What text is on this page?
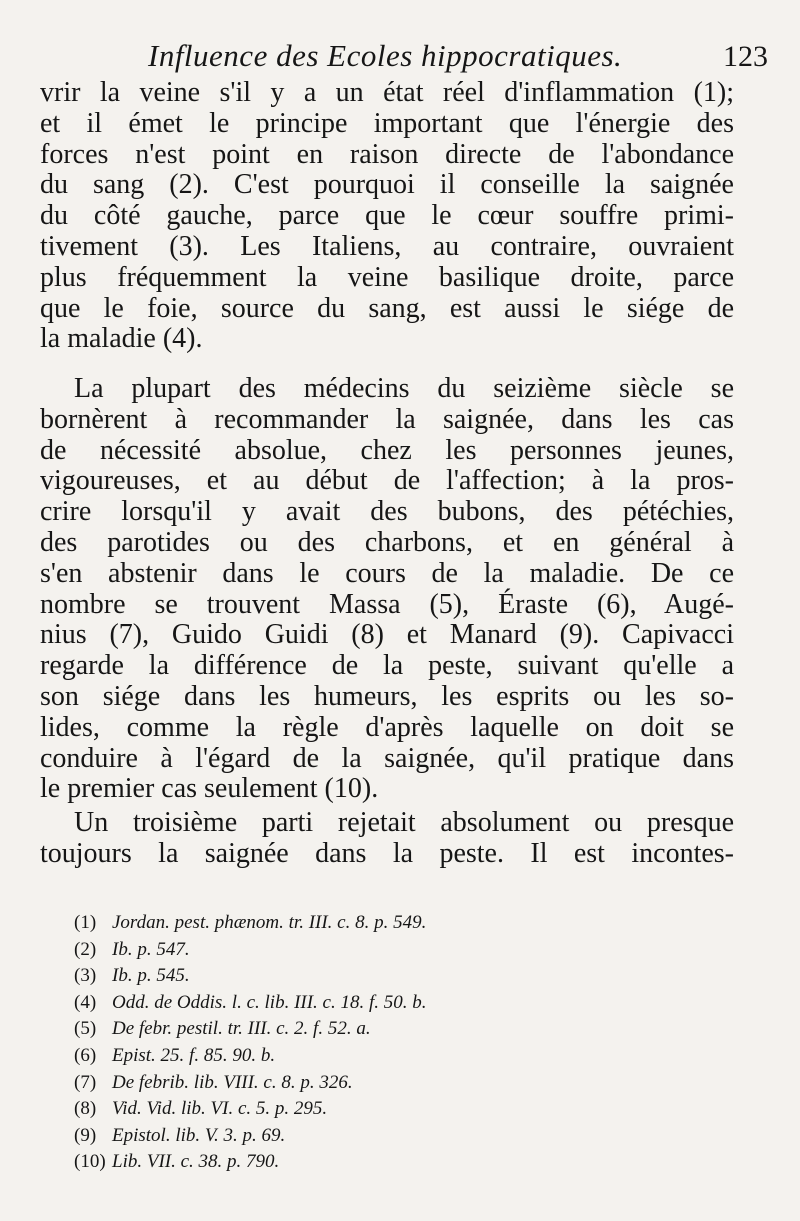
Influence des Ecoles hippocratiques.	123

vrir la veine s'il y a un état réel d'inflammation (1);
et il émet le principe important que l'énergie des
forces n'est point en raison directe de l'abondance
du sang (2). C'est pourquoi il conseille la saignée
du côté gauche, parce que le cœur souffre primi-
tivement (3). Les Italiens, au contraire, ouvraient
plus fréquemment la veine basilique droite, parce
que le foie, source du sang, est aussi le siége de
la maladie (4).

La plupart des médecins du seizième siècle se
bornèrent à recommander la saignée, dans les cas
de nécessité absolue, chez les personnes jeunes,
vigoureuses, et au début de l'affection; à la pros-
crire lorsqu'il y avait des bubons, des pétéchies,
des parotides ou des charbons, et en général à
s'en abstenir dans le cours de la maladie. De ce
nombre se trouvent Massa (5), Éraste (6), Augé-
nius (7), Guido Guidi (8) et Manard (9). Capivacci
regarde la différence de la peste, suivant qu'elle a
son siége dans les humeurs, les esprits ou les so-
lides, comme la règle d'après laquelle on doit se
conduire à l'égard de la saignée, qu'il pratique dans
le premier cas seulement (10).

Un troisième parti rejetait absolument ou presque
toujours la saignée dans la peste. Il est incontes-

(1) Jordan. pest. phænom. tr. III. c. 8. p. 549.
(2) Ib. p. 547.
(3) Ib. p. 545.
(4) Odd. de Oddis. l. c. lib. III. c. 18. f. 50. b.
(5) De febr. pestil. tr. III. c. 2. f. 52. a.
(6) Epist. 25. f. 85. 90. b.
(7) De febrib. lib. VIII. c. 8. p. 326.
(8) Vid. Vid. lib. VI. c. 5. p. 295.
(9) Epistol. lib. V. 3. p. 69.
(10) Lib. VII. c. 38. p. 790.
